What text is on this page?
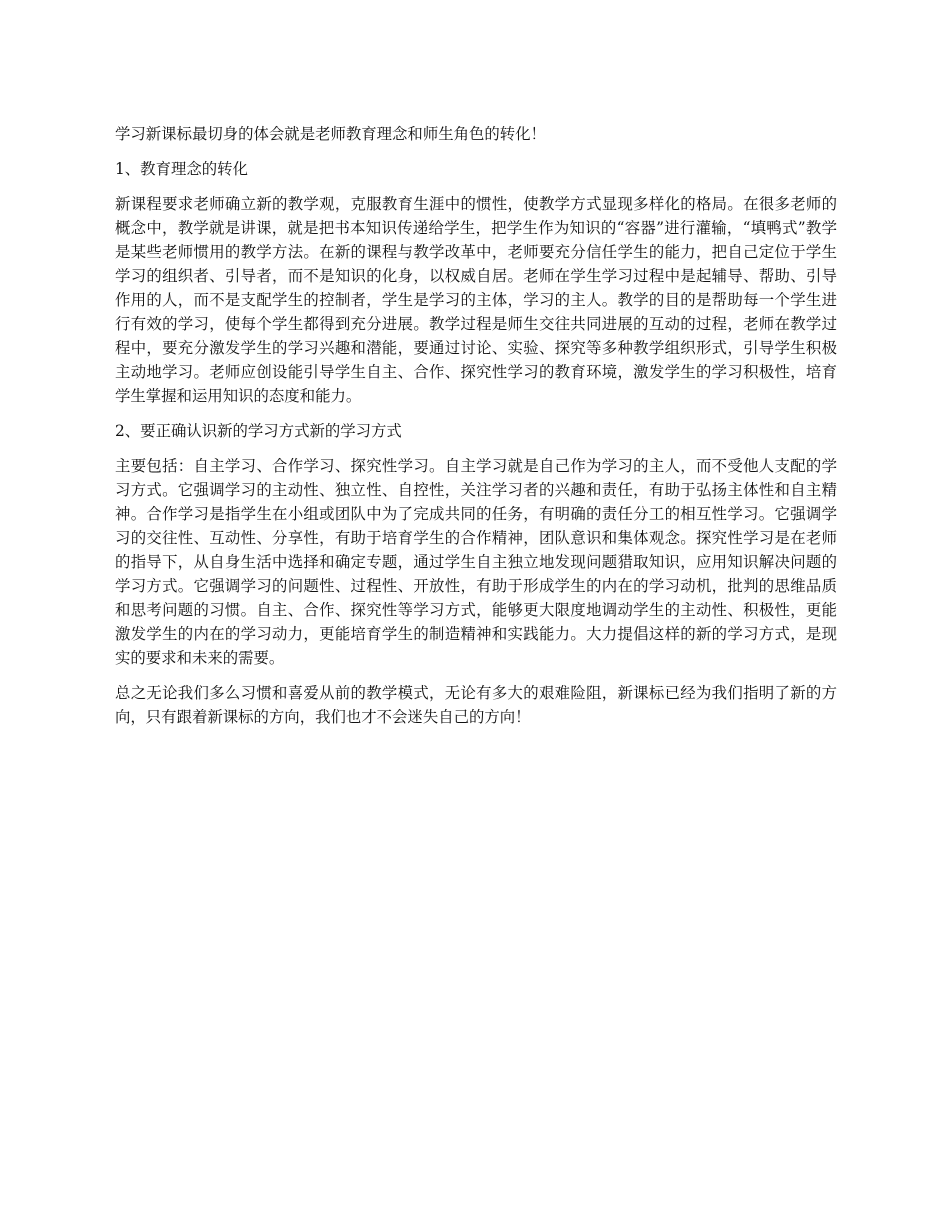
学习新课标最切身的体会就是老师教育理念和师生角色的转化！

1、教育理念的转化

新课程要求老师确立新的教学观，克服教育生涯中的惯性，使教学方式显现多样化的格局。在很多老师的概念中，教学就是讲课，就是把书本知识传递给学生，把学生作为知识的“容器”进行灌输，“填鸭式”教学是某些老师惯用的教学方法。在新的课程与教学改革中，老师要充分信任学生的能力，把自己定位于学生学习的组织者、引导者，而不是知识的化身，以权威自居。老师在学生学习过程中是起辅导、帮助、引导作用的人，而不是支配学生的控制者，学生是学习的主体，学习的主人。教学的目的是帮助每一个学生进行有效的学习，使每个学生都得到充分进展。教学过程是师生交往共同进展的互动的过程，老师在教学过程中，要充分激发学生的学习兴趣和潜能，要通过讨论、实验、探究等多种教学组织形式，引导学生积极主动地学习。老师应创设能引导学生自主、合作、探究性学习的教育环境，激发学生的学习积极性，培育学生掌握和运用知识的态度和能力。

2、要正确认识新的学习方式新的学习方式

主要包括：自主学习、合作学习、探究性学习。自主学习就是自己作为学习的主人，而不受他人支配的学习方式。它强调学习的主动性、独立性、自控性，关注学习者的兴趣和责任，有助于弘扬主体性和自主精神。合作学习是指学生在小组或团队中为了完成共同的任务，有明确的责任分工的相互性学习。它强调学习的交往性、互动性、分享性，有助于培育学生的合作精神，团队意识和集体观念。探究性学习是在老师的指导下，从自身生活中选择和确定专题，通过学生自主独立地发现问题猎取知识，应用知识解决问题的学习方式。它强调学习的问题性、过程性、开放性，有助于形成学生的内在的学习动机，批判的思维品质和思考问题的习惯。自主、合作、探究性等学习方式，能够更大限度地调动学生的主动性、积极性，更能激发学生的内在的学习动力，更能培育学生的制造精神和实践能力。大力提倡这样的新的学习方式，是现实的要求和未来的需要。

总之无论我们多么习惯和喜爱从前的教学模式，无论有多大的艰难险阻，新课标已经为我们指明了新的方向，只有跟着新课标的方向，我们也才不会迷失自己的方向！
